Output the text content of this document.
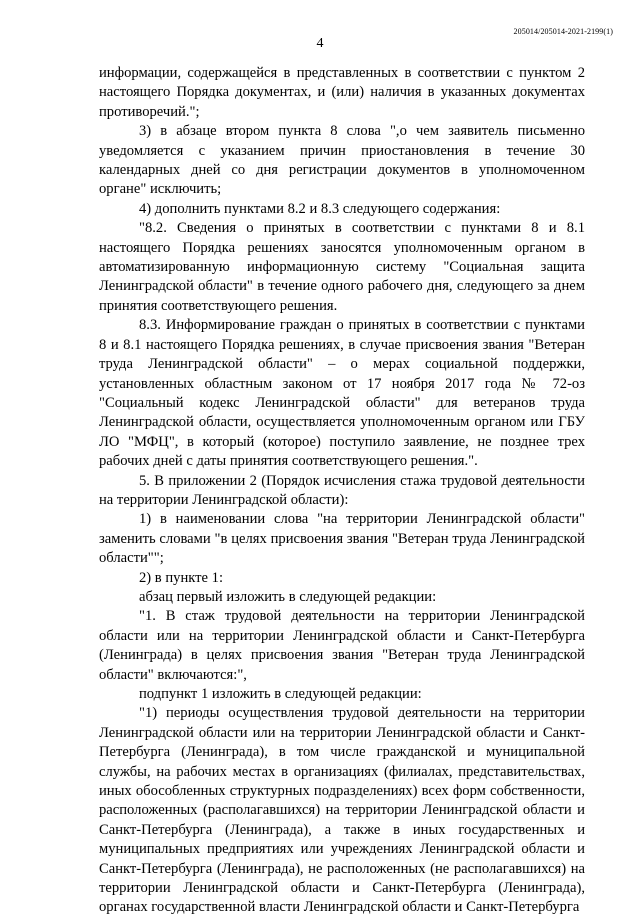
205014/205014-2021-2199(1)
4

информации, содержащейся в представленных в соответствии с пунктом 2 настоящего Порядка документах, и (или) наличия в указанных документах противоречий.";

3) в абзаце втором пункта 8 слова ",о чем заявитель письменно уведомляется с указанием причин приостановления в течение 30 календарных дней со дня регистрации документов в уполномоченном органе" исключить;

4) дополнить пунктами 8.2 и 8.3 следующего содержания:

"8.2. Сведения о принятых в соответствии с пунктами 8 и 8.1 настоящего Порядка решениях заносятся уполномоченным органом в автоматизированную информационную систему "Социальная защита Ленинградской области" в течение одного рабочего дня, следующего за днем принятия соответствующего решения.

8.3. Информирование граждан о принятых в соответствии с пунктами 8 и 8.1 настоящего Порядка решениях, в случае присвоения звания "Ветеран труда Ленинградской области" – о мерах социальной поддержки, установленных областным законом от 17 ноября 2017 года № 72-оз "Социальный кодекс Ленинградской области" для ветеранов труда Ленинградской области, осуществляется уполномоченным органом или ГБУ ЛО "МФЦ", в который (которое) поступило заявление, не позднее трех рабочих дней с даты принятия соответствующего решения.".

5. В приложении 2 (Порядок исчисления стажа трудовой деятельности на территории Ленинградской области):

1) в наименовании слова "на территории Ленинградской области" заменить словами "в целях присвоения звания "Ветеран труда Ленинградской области"";

2) в пункте 1:

абзац первый изложить в следующей редакции:

"1. В стаж трудовой деятельности на территории Ленинградской области или на территории Ленинградской области и Санкт-Петербурга (Ленинграда) в целях присвоения звания "Ветеран труда Ленинградской области" включаются:",

подпункт 1 изложить в следующей редакции:

"1) периоды осуществления трудовой деятельности на территории Ленинградской области или на территории Ленинградской области и Санкт-Петербурга (Ленинграда), в том числе гражданской и муниципальной службы, на рабочих местах в организациях (филиалах, представительствах, иных обособленных структурных подразделениях) всех форм собственности, расположенных (располагавшихся) на территории Ленинградской области и Санкт-Петербурга (Ленинграда), а также в иных государственных и муниципальных предприятиях или учреждениях Ленинградской области и Санкт-Петербурга (Ленинграда), не расположенных (не располагавшихся) на территории Ленинградской области и Санкт-Петербурга (Ленинграда), органах государственной власти Ленинградской области и Санкт-Петербурга
